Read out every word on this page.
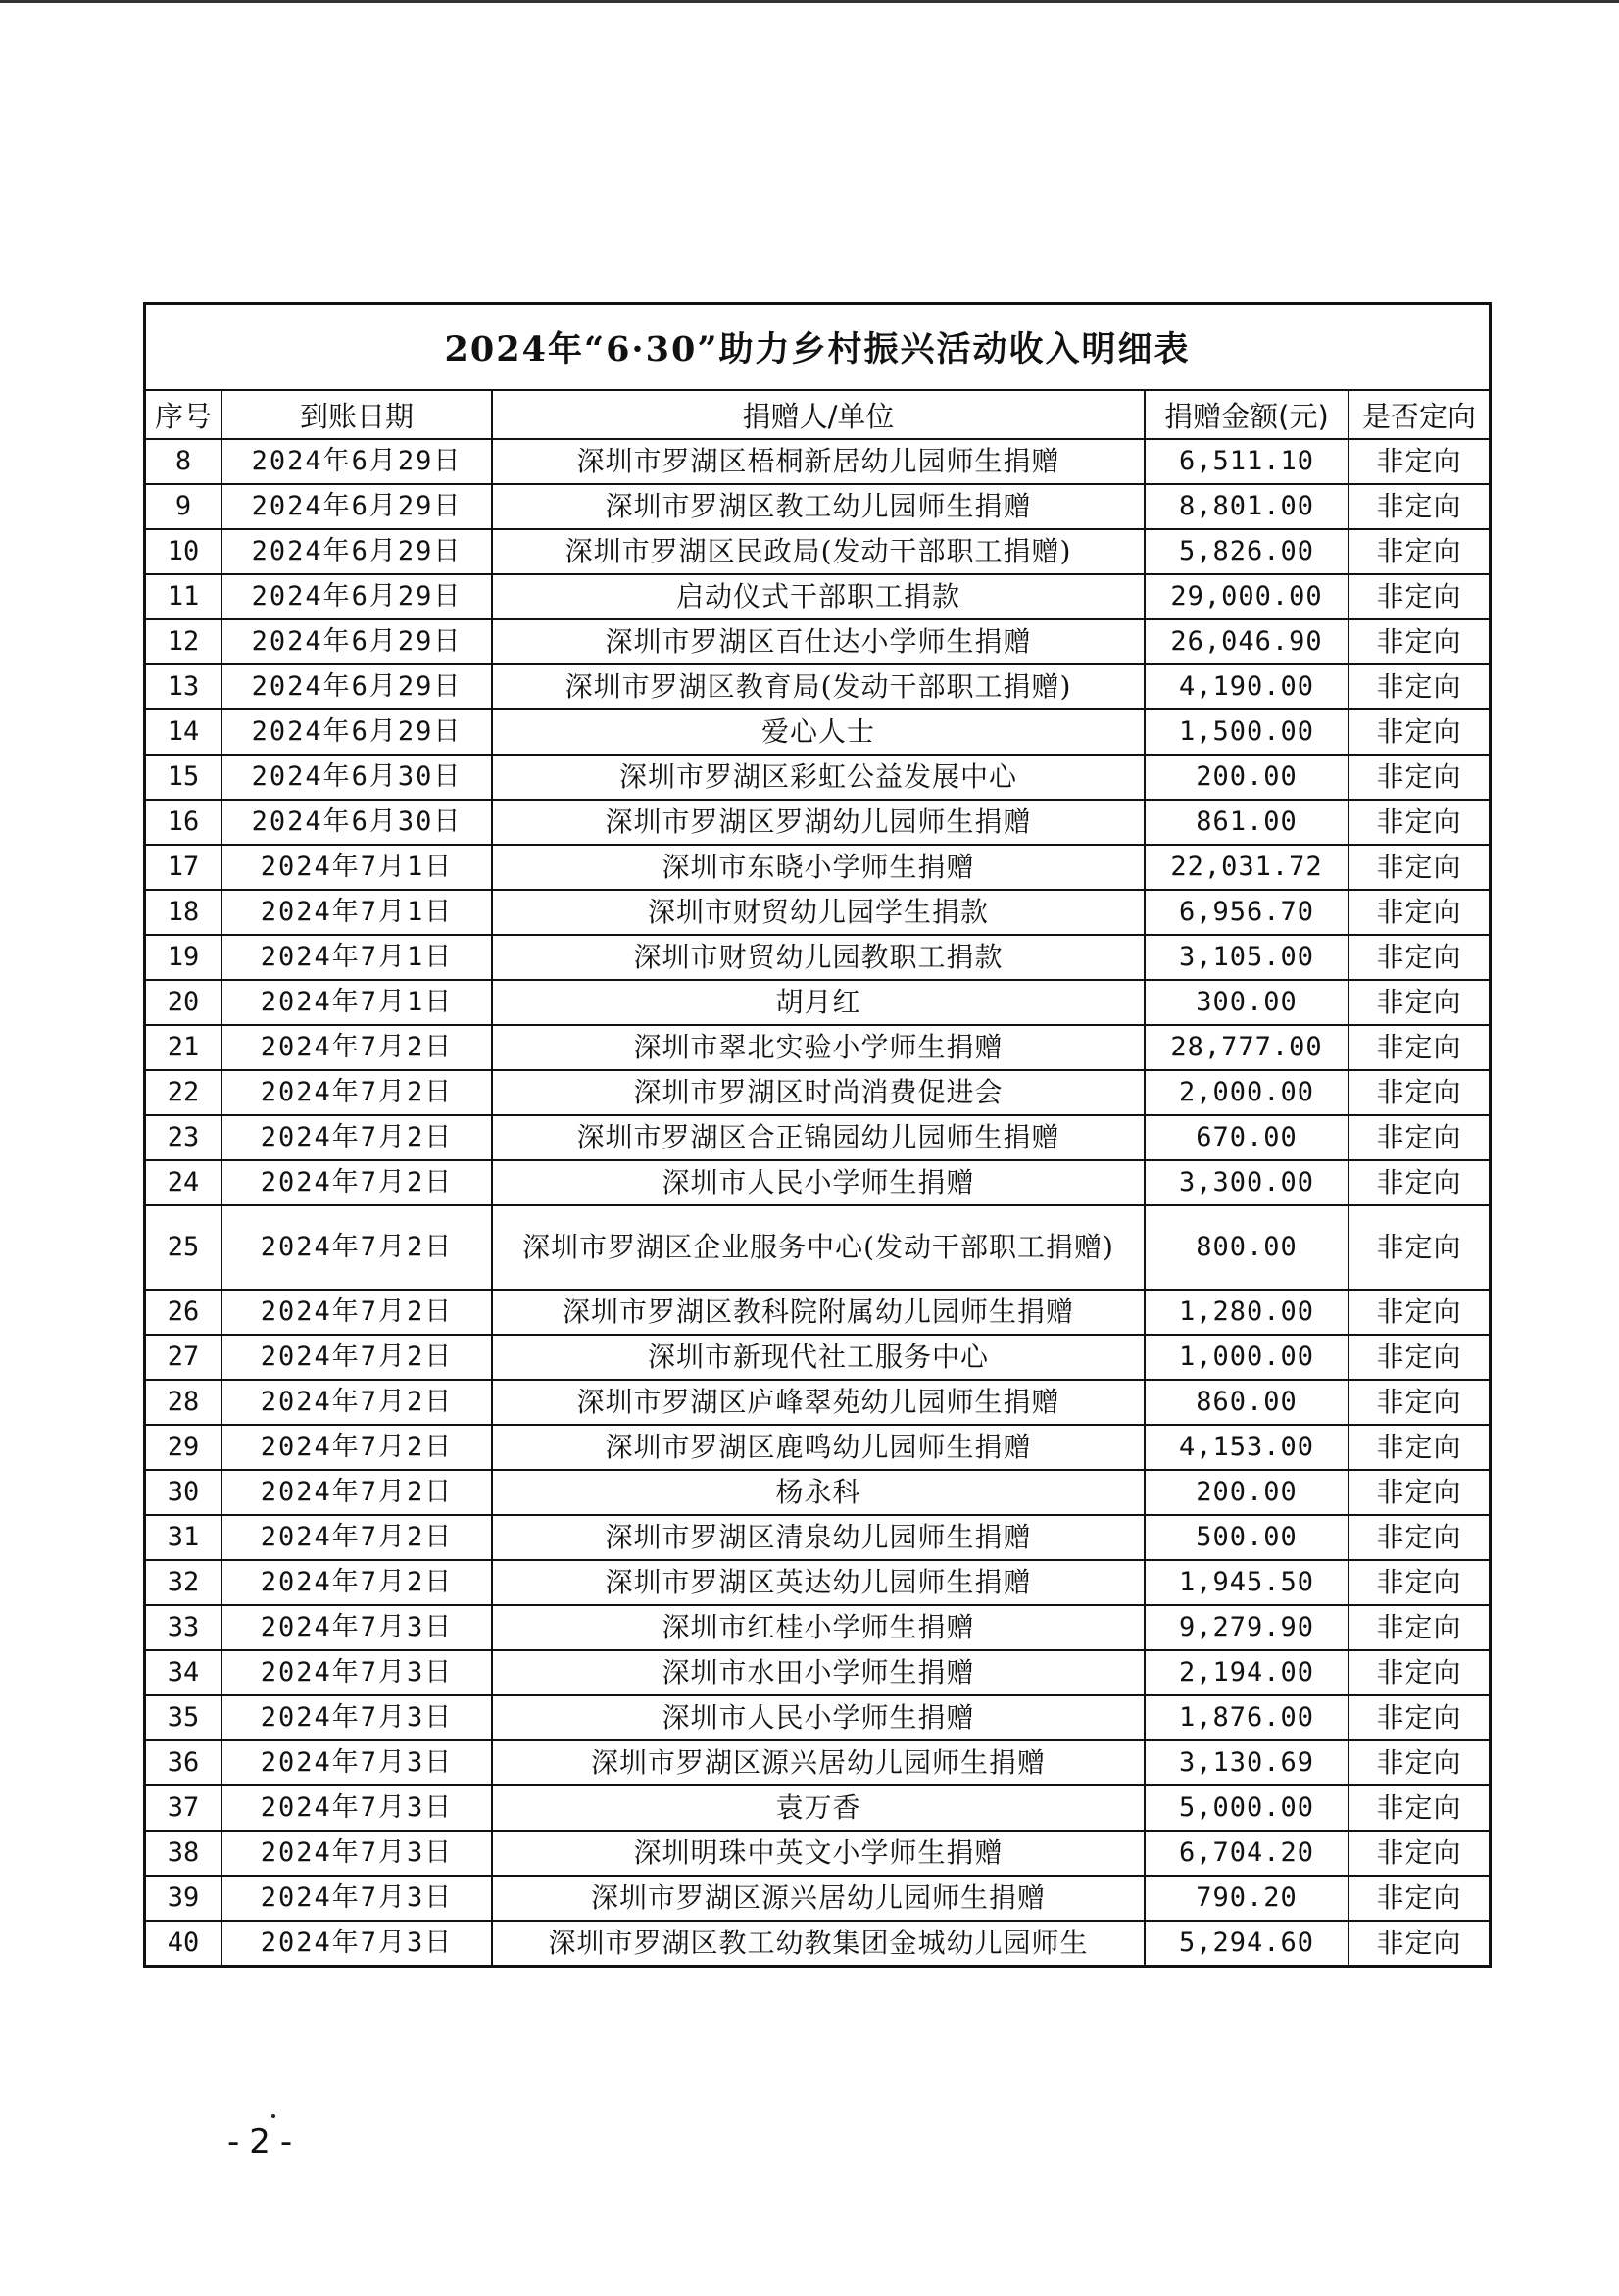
2024年“6·30”助力乡村振兴活动收入明细表
序号	到账日期	捐赠人/单位	捐赠金额(元)	是否定向
8	2024年6月29日	深圳市罗湖区梧桐新居幼儿园师生捐赠	6,511.10	非定向
9	2024年6月29日	深圳市罗湖区教工幼儿园师生捐赠	8,801.00	非定向
10	2024年6月29日	深圳市罗湖区民政局(发动干部职工捐赠)	5,826.00	非定向
11	2024年6月29日	启动仪式干部职工捐款	29,000.00	非定向
12	2024年6月29日	深圳市罗湖区百仕达小学师生捐赠	26,046.90	非定向
13	2024年6月29日	深圳市罗湖区教育局(发动干部职工捐赠)	4,190.00	非定向
14	2024年6月29日	爱心人士	1,500.00	非定向
15	2024年6月30日	深圳市罗湖区彩虹公益发展中心	200.00	非定向
16	2024年6月30日	深圳市罗湖区罗湖幼儿园师生捐赠	861.00	非定向
17	2024年7月1日	深圳市东晓小学师生捐赠	22,031.72	非定向
18	2024年7月1日	深圳市财贸幼儿园学生捐款	6,956.70	非定向
19	2024年7月1日	深圳市财贸幼儿园教职工捐款	3,105.00	非定向
20	2024年7月1日	胡月红	300.00	非定向
21	2024年7月2日	深圳市翠北实验小学师生捐赠	28,777.00	非定向
22	2024年7月2日	深圳市罗湖区时尚消费促进会	2,000.00	非定向
23	2024年7月2日	深圳市罗湖区合正锦园幼儿园师生捐赠	670.00	非定向
24	2024年7月2日	深圳市人民小学师生捐赠	3,300.00	非定向
25	2024年7月2日	深圳市罗湖区企业服务中心(发动干部职工捐赠)	800.00	非定向
26	2024年7月2日	深圳市罗湖区教科院附属幼儿园师生捐赠	1,280.00	非定向
27	2024年7月2日	深圳市新现代社工服务中心	1,000.00	非定向
28	2024年7月2日	深圳市罗湖区庐峰翠苑幼儿园师生捐赠	860.00	非定向
29	2024年7月2日	深圳市罗湖区鹿鸣幼儿园师生捐赠	4,153.00	非定向
30	2024年7月2日	杨永科	200.00	非定向
31	2024年7月2日	深圳市罗湖区清泉幼儿园师生捐赠	500.00	非定向
32	2024年7月2日	深圳市罗湖区英达幼儿园师生捐赠	1,945.50	非定向
33	2024年7月3日	深圳市红桂小学师生捐赠	9,279.90	非定向
34	2024年7月3日	深圳市水田小学师生捐赠	2,194.00	非定向
35	2024年7月3日	深圳市人民小学师生捐赠	1,876.00	非定向
36	2024年7月3日	深圳市罗湖区源兴居幼儿园师生捐赠	3,130.69	非定向
37	2024年7月3日	袁万香	5,000.00	非定向
38	2024年7月3日	深圳明珠中英文小学师生捐赠	6,704.20	非定向
39	2024年7月3日	深圳市罗湖区源兴居幼儿园师生捐赠	790.20	非定向
40	2024年7月3日	深圳市罗湖区教工幼教集团金城幼儿园师生	5,294.60	非定向
-2-
